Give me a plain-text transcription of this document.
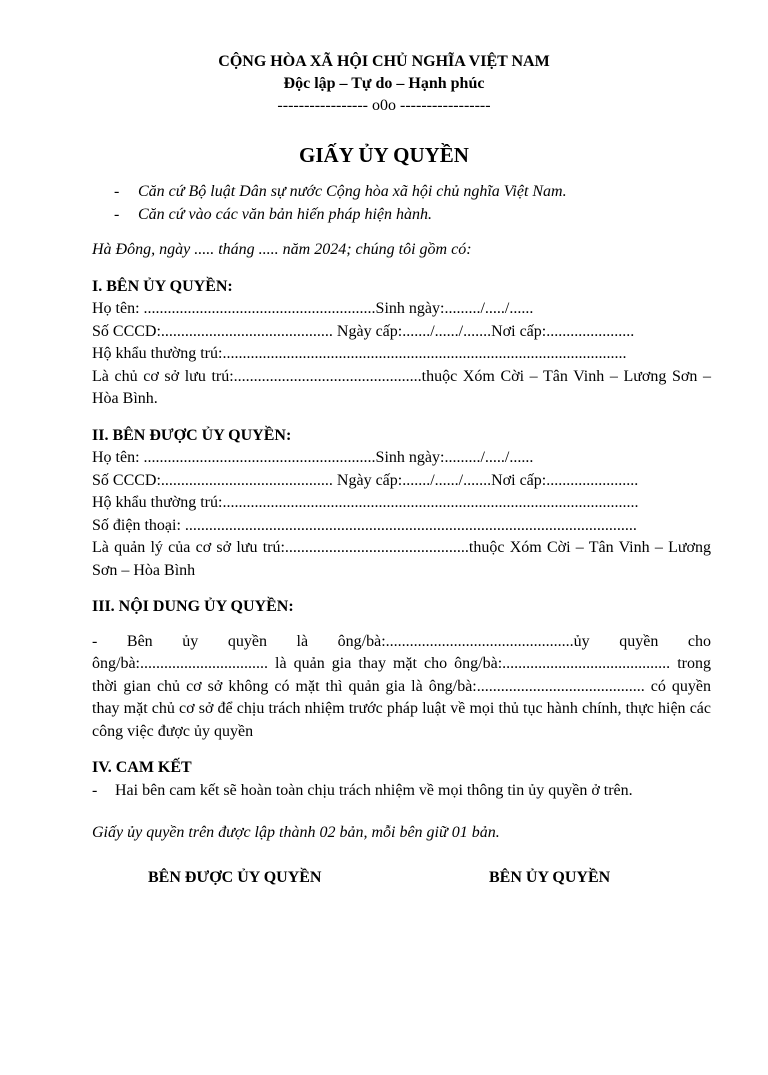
CỘNG HÒA XÃ HỘI CHỦ NGHĨA VIỆT NAM
Độc lập – Tự do – Hạnh phúc
----------------- o0o -----------------
GIẤY ỦY QUYỀN
- Căn cứ Bộ luật Dân sự nước Cộng hòa xã hội chủ nghĩa Việt Nam.
- Căn cứ vào các văn bản hiến pháp hiện hành.
Hà Đông, ngày ..... tháng ..... năm 2024; chúng tôi gồm có:
I. BÊN ỦY QUYỀN:
Họ tên: ..........................................................Sinh ngày:........./...../......
Số CCCD:........................................... Ngày cấp:......./....../.......Nơi cấp:......................
Hộ khẩu thường trú:.....................................................................................................
Là chủ cơ sở lưu trú:...............................................thuộc Xóm Cời – Tân Vinh – Lương Sơn – Hòa Bình.
II. BÊN ĐƯỢC ỦY QUYỀN:
Họ tên: ..........................................................Sinh ngày:........./...../......
Số CCCD:........................................... Ngày cấp:......./....../.......Nơi cấp:.......................
Hộ khẩu thường trú:........................................................................................................
Số điện thoại: .................................................................................................................
Là quản lý của cơ sở lưu trú:..............................................thuộc Xóm Cời – Tân Vinh – Lương Sơn – Hòa Bình
III. NỘI DUNG ỦY QUYỀN:
- Bên ủy quyền là ông/bà:...............................................ủy quyền cho ông/bà:................................ là quản gia thay mặt cho ông/bà:.......................................... trong thời gian chủ cơ sở không có mặt thì quản gia là ông/bà:.......................................... có quyền thay mặt chủ cơ sở để chịu trách nhiệm trước pháp luật về mọi thủ tục hành chính, thực hiện các công việc được ủy quyền
IV. CAM KẾT
- Hai bên cam kết sẽ hoàn toàn chịu trách nhiệm về mọi thông tin ủy quyền ở trên.
Giấy ủy quyền trên được lập thành 02 bản, mỗi bên giữ 01 bản.
BÊN ĐƯỢC ỦY QUYỀN	BÊN ỦY QUYỀN
